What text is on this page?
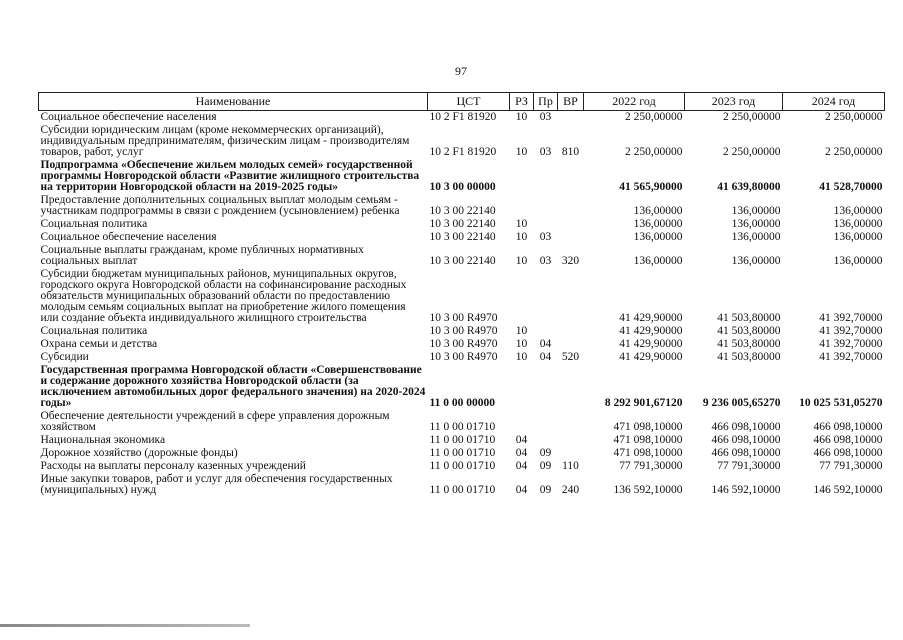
97
Наименование	ЦСТ	РЗ	Пр	ВР	2022 год	2023 год	2024 год
Социальное обеспечение населения	10 2 F1 81920	10	03		2 250,00000	2 250,00000	2 250,00000
Субсидии юридическим лицам (кроме некоммерческих организаций), индивидуальным предпринимателям, физическим лицам - производителям товаров, работ, услуг	10 2 F1 81920	10	03	810	2 250,00000	2 250,00000	2 250,00000
Подпрограмма «Обеспечение жильем молодых семей» государственной программы Новгородской области «Развитие жилищного строительства на территории Новгородской области на 2019-2025 годы»	10 3 00 00000				41 565,90000	41 639,80000	41 528,70000
Предоставление дополнительных социальных выплат молодым семьям - участникам подпрограммы в связи с рождением (усыновлением) ребенка	10 3 00 22140				136,00000	136,00000	136,00000
Социальная политика	10 3 00 22140	10			136,00000	136,00000	136,00000
Социальное обеспечение населения	10 3 00 22140	10	03		136,00000	136,00000	136,00000
Социальные выплаты гражданам, кроме публичных нормативных социальных выплат	10 3 00 22140	10	03	320	136,00000	136,00000	136,00000
Субсидии бюджетам муниципальных районов, муниципальных округов, городского округа Новгородской области на софинансирование расходных обязательств муниципальных образований области по предоставлению молодым семьям социальных выплат на приобретение жилого помещения или создание объекта индивидуального жилищного строительства	10 3 00 R4970				41 429,90000	41 503,80000	41 392,70000
Социальная политика	10 3 00 R4970	10			41 429,90000	41 503,80000	41 392,70000
Охрана семьи и детства	10 3 00 R4970	10	04		41 429,90000	41 503,80000	41 392,70000
Субсидии	10 3 00 R4970	10	04	520	41 429,90000	41 503,80000	41 392,70000
Государственная программа Новгородской области «Совершенствование и содержание дорожного хозяйства Новгородской области (за исключением автомобильных дорог федерального значения) на 2020-2024 годы»	11 0 00 00000				8 292 901,67120	9 236 005,65270	10 025 531,05270
Обеспечение деятельности учреждений в сфере управления дорожным хозяйством	11 0 00 01710				471 098,10000	466 098,10000	466 098,10000
Национальная экономика	11 0 00 01710	04			471 098,10000	466 098,10000	466 098,10000
Дорожное хозяйство (дорожные фонды)	11 0 00 01710	04	09		471 098,10000	466 098,10000	466 098,10000
Расходы на выплаты персоналу казенных учреждений	11 0 00 01710	04	09	110	77 791,30000	77 791,30000	77 791,30000
Иные закупки товаров, работ и услуг для обеспечения государственных (муниципальных) нужд	11 0 00 01710	04	09	240	136 592,10000	146 592,10000	146 592,10000
